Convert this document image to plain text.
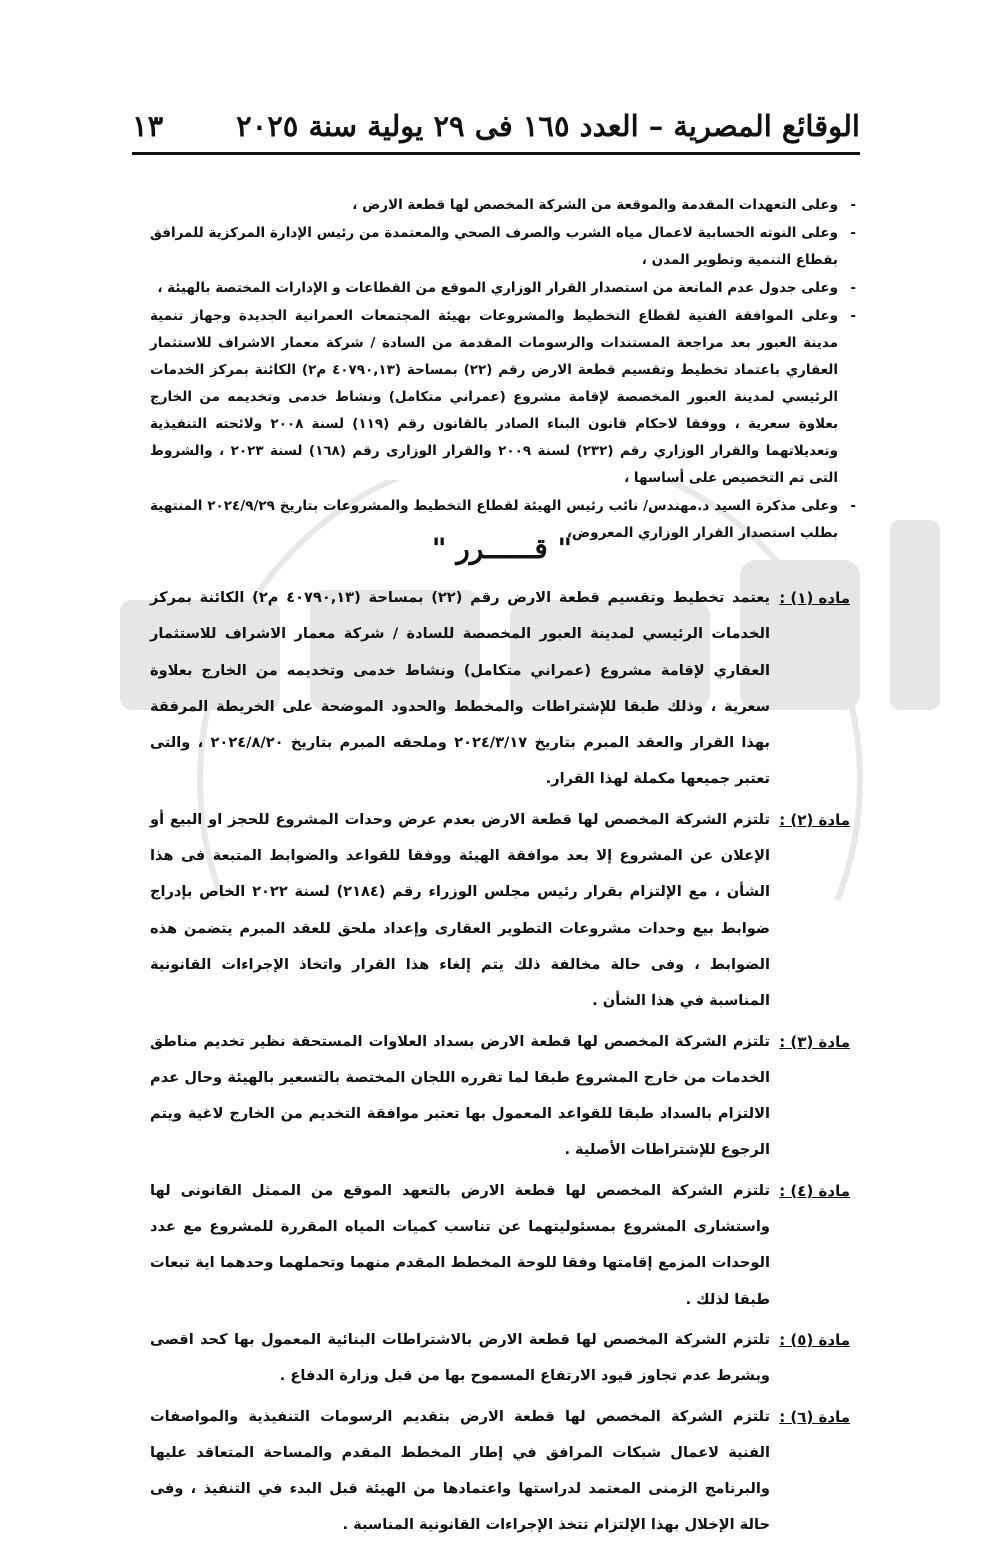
الوقائع المصرية – العدد ١٦٥ فى ٢٩ يولية سنة ٢٠٢٥
١٣

-
وعلى التعهدات المقدمة والموقعة من الشركة المخصص لها قطعة الارض ،

-
وعلى النوته الحسابية لاعمال مياه الشرب والصرف الصحي والمعتمدة من رئيس الإدارة المركزية للمرافق بقطاع التنمية وتطوير المدن ،

-
وعلى جدول عدم المانعة من استصدار القرار الوزاري الموقع من القطاعات و الإدارات المختصة بالهيئة ،

-
وعلى الموافقة الفنية لقطاع التخطيط والمشروعات بهيئة المجتمعات العمرانية الجديدة وجهاز تنمية مدينة العبور بعد مراجعة المستندات والرسومات المقدمة من السادة / شركة معمار الاشراف للاستثمار العقاري باعتماد تخطيط وتقسيم قطعة الارض رقم (٢٢) بمساحة (٤٠٧٩٠,١٣ م٢) الكائنة بمركز الخدمات الرئيسي لمدينة العبور المخصصة لإقامة مشروع (عمراني متكامل) ونشاط خدمى وتخديمه من الخارج بعلاوة سعرية ، ووفقا لاحكام قانون البناء الصادر بالقانون رقم (١١٩) لسنة ٢٠٠٨ ولائحته التنفيذية وتعديلاتهما والقرار الوزاري رقم (٢٣٢) لسنة ٢٠٠٩ والقرار الوزارى رقم (١٦٨) لسنة ٢٠٢٣ ، والشروط التى تم التخصيص على أساسها ،

-
وعلى مذكرة السيد د.مهندس/ نائب رئيس الهيئة لقطاع التخطيط والمشروعات بتاريخ ٢٠٢٤/٩/٢٩ المنتهية بطلب استصدار القرار الوزاري المعروض،

" قــــــرر "
ماده (١) :
يعتمد تخطيط وتقسيم قطعة الارض رقم (٢٢) بمساحة (٤٠٧٩٠,١٣ م٢) الكائنة بمركز الخدمات الرئيسي لمدينة العبور المخصصة للسادة / شركة معمار الاشراف للاستثمار العقاري لإقامة مشروع (عمراني متكامل) ونشاط خدمى وتخديمه من الخارج بعلاوة سعرية ، وذلك طبقا للإشتراطات والمخطط والحدود الموضحة على الخريطة المرفقة بهذا القرار والعقد المبرم بتاريخ ٢٠٢٤/٣/١٧ وملحقه المبرم بتاريخ ٢٠٢٤/٨/٢٠ ، والتى تعتبر جميعها مكملة لهذا القرار.
مادة (٢) :
تلتزم الشركة المخصص لها قطعة الارض بعدم عرض وحدات المشروع للحجز او البيع أو الإعلان عن المشروع إلا بعد موافقة الهيئة ووفقا للقواعد والضوابط المتبعة فى هذا الشأن ، مع الإلتزام بقرار رئيس مجلس الوزراء رقم (٢١٨٤) لسنة ٢٠٢٢ الخاص بإدراج ضوابط بيع وحدات مشروعات التطوير العقارى وإعداد ملحق للعقد المبرم يتضمن هذه الضوابط ، وفى حالة مخالفة ذلك يتم إلغاء هذا القرار واتخاذ الإجراءات القانونية المناسبة في هذا الشأن .
مادة (٣) :
تلتزم الشركة المخصص لها قطعة الارض بسداد العلاوات المستحقة نظير تخديم مناطق الخدمات من خارج المشروع طبقا لما تقرره اللجان المختصة بالتسعير بالهيئة وحال عدم الالتزام بالسداد طبقا للقواعد المعمول بها تعتبر موافقة التخديم من الخارج لاغية ويتم الرجوع للإشتراطات الأصلية .
مادة (٤) :
تلتزم الشركة المخصص لها قطعة الارض بالتعهد الموقع من الممثل القانونى لها واستشارى المشروع بمسئوليتهما عن تناسب كميات المياه المقررة للمشروع مع عدد الوحدات المزمع إقامتها وفقا للوحة المخطط المقدم منهما وتحملهما وحدهما اية تبعات طبقا لذلك .
مادة (٥) :
تلتزم الشركة المخصص لها قطعة الارض بالاشتراطات البنائية المعمول بها كحد اقصى وبشرط عدم تجاوز قيود الارتفاع المسموح بها من قبل وزارة الدفاع .
مادة (٦) :
تلتزم الشركة المخصص لها قطعة الارض بتقديم الرسومات التنفيذية والمواصفات الفنية لاعمال شبكات المرافق في إطار المخطط المقدم والمساحة المتعاقد عليها والبرنامج الزمنى المعتمد لدراستها واعتمادها من الهيئة قبل البدء في التنفيذ ، وفى حالة الإخلال بهذا الإلتزام تتخذ الإجراءات القانونية المناسبة .
